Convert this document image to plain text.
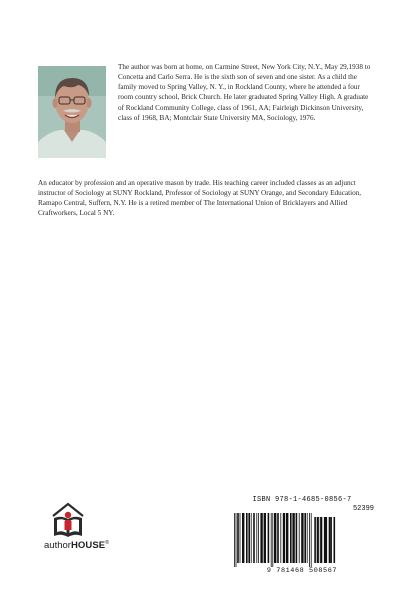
The author was born at home, on Carmine Street, New York City, N.Y., May 29,1938 to Concetta and Carlo Serra. He is the sixth son of seven and one sister. As a child the family moved to Spring Valley, N. Y., in Rockland County, where he attended a four room country school, Brick Church. He later graduated Spring Valley High. A graduate of Rockland Community College, class of 1961, AA; Fairleigh Dickinson University, class of 1968, BA; Montclair State University MA, Sociology, 1976.

An educator by profession and an operative mason by trade. His teaching career included classes as an adjunct instructor of Sociology at SUNY Rockland, Professor of Sociology at SUNY Orange, and Secondary Education, Ramapo Central, Suffern, N.Y. He is a retired member of The International Union of Bricklayers and Allied Craftworkers, Local 5 NY.

authorHOUSE®
ISBN 978-1-4685-0856-7
52399
9 781468 508567
